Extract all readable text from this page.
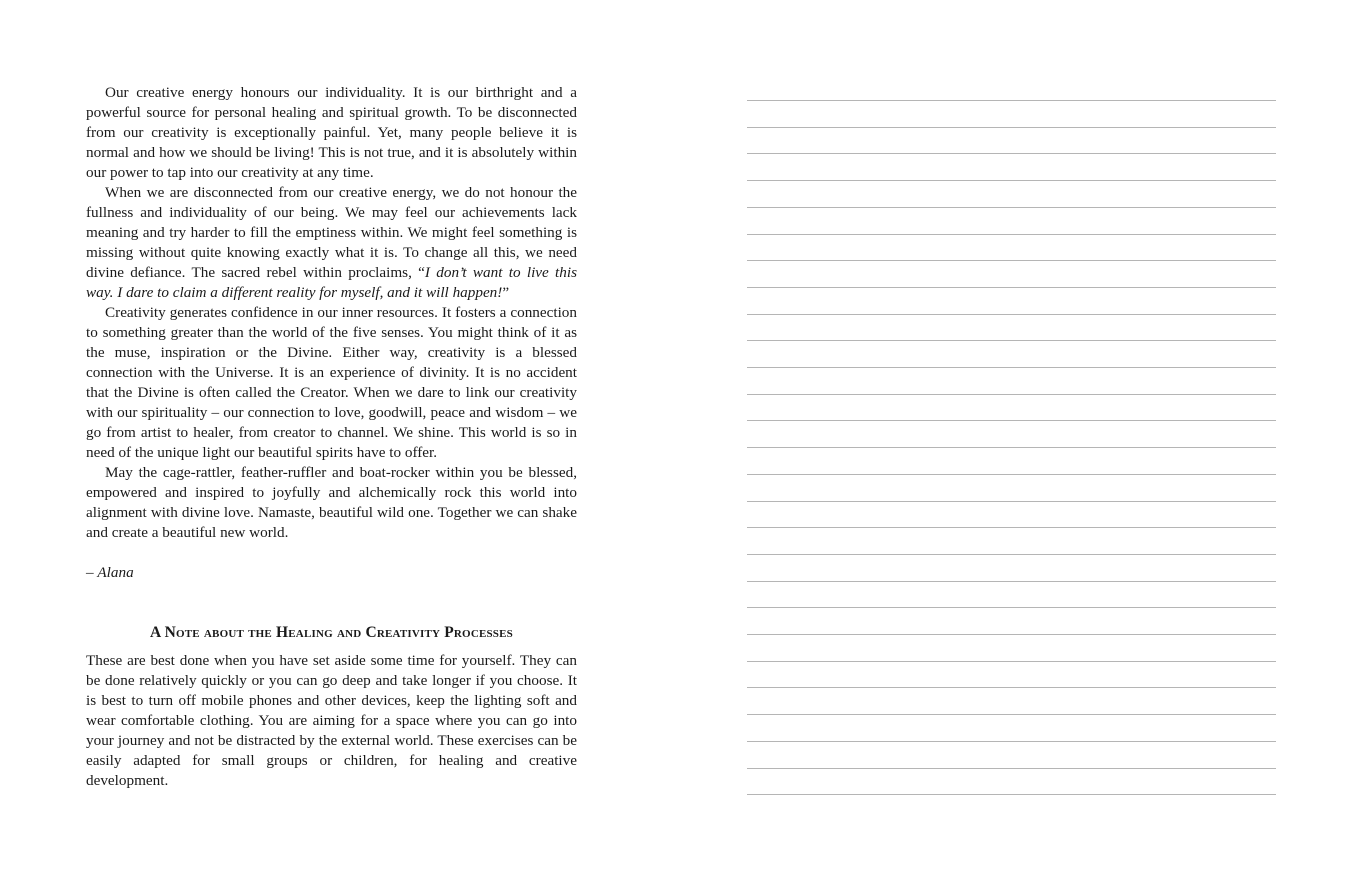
Our creative energy honours our individuality. It is our birthright and a powerful source for personal healing and spiritual growth. To be disconnected from our creativity is exceptionally painful. Yet, many people believe it is normal and how we should be living! This is not true, and it is absolutely within our power to tap into our creativity at any time.

When we are disconnected from our creative energy, we do not honour the fullness and individuality of our being. We may feel our achievements lack meaning and try harder to fill the emptiness within. We might feel something is missing without quite knowing exactly what it is. To change all this, we need divine defiance. The sacred rebel within proclaims, “I don’t want to live this way. I dare to claim a different reality for myself, and it will happen!”

Creativity generates confidence in our inner resources. It fosters a connection to something greater than the world of the five senses. You might think of it as the muse, inspiration or the Divine. Either way, creativity is a blessed connection with the Universe. It is an experience of divinity. It is no accident that the Divine is often called the Creator. When we dare to link our creativity with our spirituality – our connection to love, goodwill, peace and wisdom – we go from artist to healer, from creator to channel. We shine. This world is so in need of the unique light our beautiful spirits have to offer.

May the cage-rattler, feather-ruffler and boat-rocker within you be blessed, empowered and inspired to joyfully and alchemically rock this world into alignment with divine love. Namaste, beautiful wild one. Together we can shake and create a beautiful new world.

– Alana

A Note about the Healing and Creativity Processes

These are best done when you have set aside some time for yourself. They can be done relatively quickly or you can go deep and take longer if you choose. It is best to turn off mobile phones and other devices, keep the lighting soft and wear comfortable clothing. You are aiming for a space where you can go into your journey and not be distracted by the external world. These exercises can be easily adapted for small groups or children, for healing and creative development.
